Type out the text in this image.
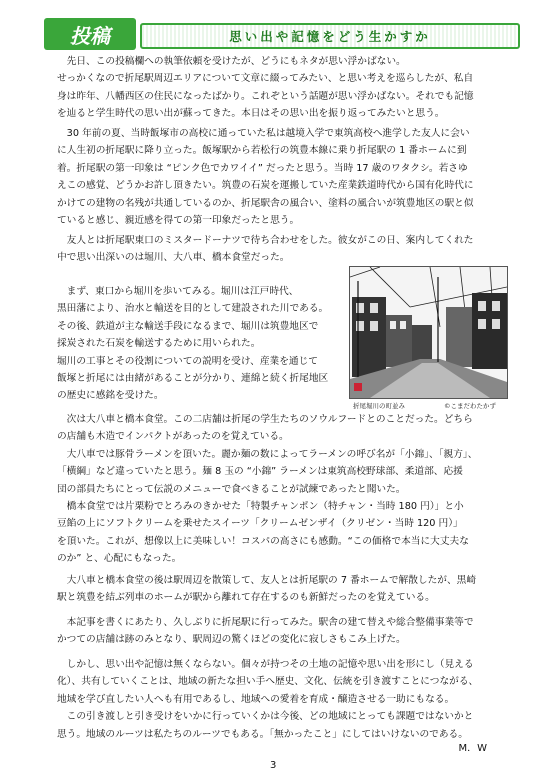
投稿	思い出や記憶をどう生かすか

　先日、この投稿欄への執筆依頼を受けたが、どうにもネタが思い浮かばない。
せっかくなので折尾駅周辺エリアについて文章に綴ってみたい、と思い考えを巡らしたが、私自
身は昨年、八幡西区の住民になったばかり。これぞという話題が思い浮かばない。それでも記憶
を辿ると学生時代の思い出が蘇ってきた。本日はその思い出を振り返ってみたいと思う。

　30 年前の夏、当時飯塚市の高校に通っていた私は越境入学で東筑高校へ進学した友人に会い
に人生初の折尾駅に降り立った。飯塚駅から若松行の筑豊本線に乗り折尾駅の 1 番ホームに到
着。折尾駅の第一印象は “ピンク色でカワイイ” だったと思う。当時 17 歳のワタクシ。若さゆ
えこの感覚、どうかお許し頂きたい。筑豊の石炭を運搬していた産業鉄道時代から国有化時代に
かけての建物の名残が共通しているのか、折尾駅舎の風合い、塗料の風合いが筑豊地区の駅と似
ていると感じ、親近感を得ての第一印象だったと思う。

　友人とは折尾駅東口のミスタードーナツで待ち合わせをした。彼女がこの日、案内してくれた
中で思い出深いのは堀川、大八車、橋本食堂だった。

　まず、東口から堀川を歩いてみる。堀川は江戸時代、
黒田藩により、治水と輸送を目的として建設された川である。
その後、鉄道が主な輸送手段になるまで、堀川は筑豊地区で
採炭された石炭を輸送するために用いられた。
堀川の工事とその役割についての説明を受け、産業を通じて
飯塚と折尾には由緒があることが分かり、連綿と続く折尾地区
の歴史に感銘を受けた。

折尾堀川の町並み	©こまだわたかず

　次は大八車と橋本食堂。この二店舗は折尾の学生たちのソウルフードとのことだった。どちら
の店舗も木造でインパクトがあったのを覚えている。
　大八車では豚骨ラーメンを頂いた。麗か麺の数によってラーメンの呼び名が「小錦」、「親方」、
「横綱」など違っていたと思う。麺 8 玉の “小錦” ラーメンは東筑高校野球部、柔道部、応援
団の部員たちにとって伝説のメニューで食べきることが試練であったと聞いた。
　橋本食堂では片栗粉でとろみのきかせた「特製チャンポン（特チャン・当時 180 円）」と小
豆餡の上にソフトクリームを乗せたスイーツ「クリームゼンザイ（クリゼン・当時 120 円）」
を頂いた。これが、想像以上に美味しい！コスパの高さにも感動。“この価格で本当に大丈夫な
のか” と、心配にもなった。

　大八車と橋本食堂の後は駅周辺を散策して、友人とは折尾駅の 7 番ホームで解散したが、黒崎
駅と筑豊を結ぶ列車のホームが駅から離れて存在するのも新鮮だったのを覚えている。

　本記事を書くにあたり、久しぶりに折尾駅に行ってみた。駅舎の建て替えや総合整備事業等で
かつての店舗は跡のみとなり、駅周辺の驚くほどの変化に寂しさもこみ上げた。

　しかし、思い出や記憶は無くならない。個々が持つその土地の記憶や思い出を形にし（見える
化）、共有していくことは、地域の新たな担い手へ歴史、文化、伝統を引き渡すことにつながる、
地域を学び直したい人へも有用であるし、地域への愛着を育成・醸造させる一助にもなる。
　この引き渡しと引き受けをいかに行っていくかは今後、どの地域にとっても課題ではないかと
思う。地域のルーツは私たちのルーツでもある。「無かったこと」にしてはいけないのである。

M．W
3
